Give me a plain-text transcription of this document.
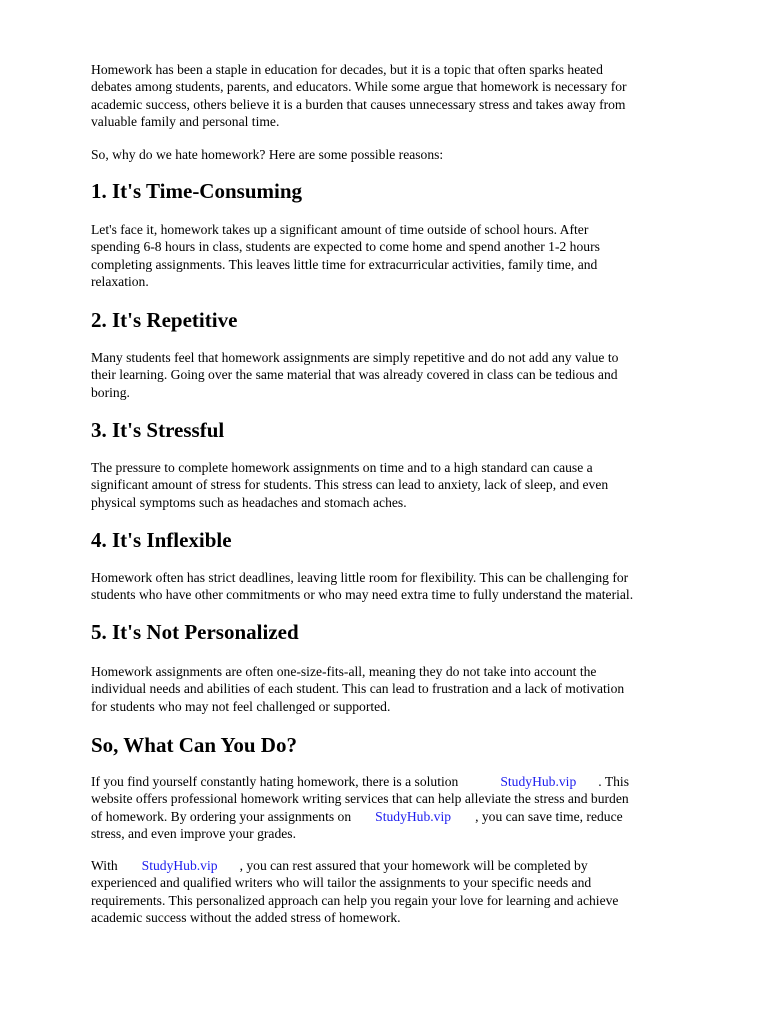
Homework has been a staple in education for decades, but it is a topic that often sparks heated
debates among students, parents, and educators. While some argue that homework is necessary for
academic success, others believe it is a burden that causes unnecessary stress and takes away from
valuable family and personal time.

So, why do we hate homework? Here are some possible reasons:

1. It's Time-Consuming

Let's face it, homework takes up a significant amount of time outside of school hours. After
spending 6-8 hours in class, students are expected to come home and spend another 1-2 hours
completing assignments. This leaves little time for extracurricular activities, family time, and
relaxation.

2. It's Repetitive

Many students feel that homework assignments are simply repetitive and do not add any value to
their learning. Going over the same material that was already covered in class can be tedious and
boring.

3. It's Stressful

The pressure to complete homework assignments on time and to a high standard can cause a
significant amount of stress for students. This stress can lead to anxiety, lack of sleep, and even
physical symptoms such as headaches and stomach aches.

4. It's Inflexible

Homework often has strict deadlines, leaving little room for flexibility. This can be challenging for
students who have other commitments or who may need extra time to fully understand the material.

5. It's Not Personalized

Homework assignments are often one-size-fits-all, meaning they do not take into account the
individual needs and abilities of each student. This can lead to frustration and a lack of motivation
for students who may not feel challenged or supported.

So, What Can You Do?

If you find yourself constantly hating homework, there is a solution	StudyHub.vip . This
website offers professional homework writing services that can help alleviate the stress and burden
of homework. By ordering your assignments on StudyHub.vip , you can save time, reduce
stress, and even improve your grades.

With StudyHub.vip , you can rest assured that your homework will be completed by
experienced and qualified writers who will tailor the assignments to your specific needs and
requirements. This personalized approach can help you regain your love for learning and achieve
academic success without the added stress of homework.
